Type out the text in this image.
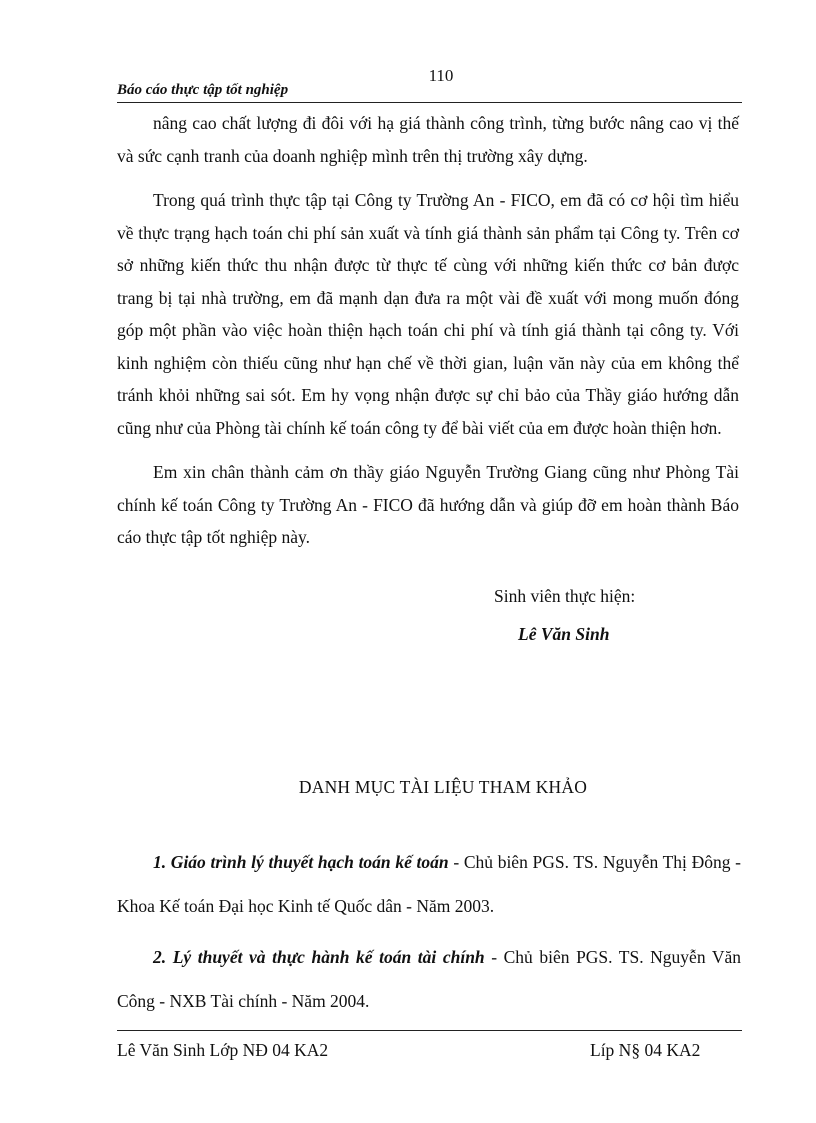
110
Báo cáo thực tập tốt nghiệp

nâng cao chất lượng đi đôi với hạ giá thành công trình, từng bước nâng cao vị thế và sức cạnh tranh của doanh nghiệp mình trên thị trường xây dựng.

Trong quá trình thực tập tại Công ty Trường An - FICO, em đã có cơ hội tìm hiểu về thực trạng hạch toán chi phí sản xuất và tính giá thành sản phẩm tại Công ty. Trên cơ sở những kiến thức thu nhận được từ thực tế cùng với những kiến thức cơ bản được trang bị tại nhà trường, em đã mạnh dạn đưa ra một vài đề xuất với mong muốn đóng góp một phần vào việc hoàn thiện hạch toán chi phí và tính giá thành tại công ty. Với kinh nghiệm còn thiếu cũng như hạn chế về thời gian, luận văn này của em không thể tránh khỏi những sai sót. Em hy vọng nhận được sự chỉ bảo của Thầy giáo hướng dẫn cũng như của Phòng tài chính kế toán công ty để bài viết của em được hoàn thiện hơn.

Em xin chân thành cảm ơn thầy giáo Nguyễn Trường Giang cũng như Phòng Tài chính kế toán Công ty Trường An - FICO đã hướng dẫn và giúp đỡ em hoàn thành Báo cáo thực tập tốt nghiệp này.

Sinh viên thực hiện:
Lê Văn Sinh
DANH MỤC TÀI LIỆU THAM KHẢO

1. Giáo trình lý thuyết hạch toán kế toán - Chủ biên PGS. TS. Nguyễn Thị Đông - Khoa Kế toán Đại học Kinh tế Quốc dân - Năm 2003.

2. Lý thuyết và thực hành kế toán tài chính - Chủ biên PGS. TS. Nguyễn Văn Công - NXB Tài chính - Năm 2004.

Lê Văn Sinh Lớp NĐ 04 KA2	Líp N§ 04 KA2
